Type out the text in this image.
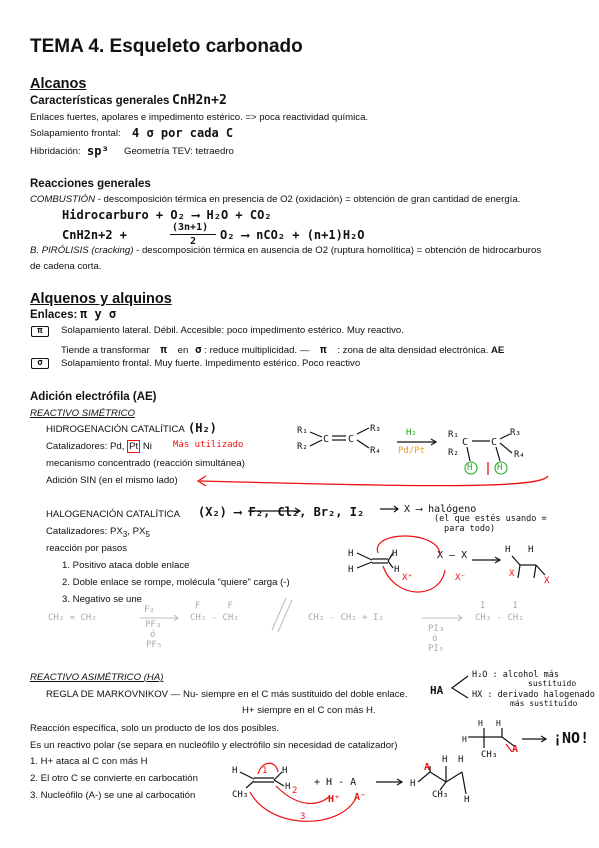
TEMA 4. Esqueleto carbonado
Alcanos
Características generales CnH2n+2
Enlaces fuertes, apolares e impedimento estérico. => poca reactividad química.
Solapamiento frontal: 4 σ por cada C
Hibridación: sp³ Geometría TEV: tetraedro
Reacciones generales
COMBUSTIÓN - descomposición térmica en presencia de O2 (oxidación) = obtención de gran cantidad de energía.
Hidrocarburo + O₂ ⟶ H₂O + CO₂
CnH2n+2 +
(3n+1)
2 O₂ ⟶ nCO₂ + (n+1)H₂O
B. PIRÓLISIS (cracking) - descomposición térmica en ausencia de O2 (ruptura homolítica) = obtención de hidrocarburos
de cadena corta.
Alquenos y alquinos
Enlaces: π y σ
π	Solapamiento lateral. Débil. Accesible: poco impedimento estérico. Muy reactivo.
Tiende a transformar π en σ : reduce multiplicidad. — π : zona de alta densidad electrónica. AE
σ	Solapamiento frontal. Muy fuerte. Impedimento estérico. Poco reactivo
Adición electrófila (AE)
REACTIVO SIMÉTRICO
HIDROGENACIÓN CATALÍTICA (H₂)
Catalizadores: Pd, Pt Ni Más utilizado
mecanismo concentrado (reacción simultánea)
Adición SIN (en el mismo lado)
R₁
R₂
R₃
R₄
H₂
Pd/Pt
R₁
R₂
R₃
R₄
H	H
HALOGENACIÓN CATALÍTICA (X₂) ⟶ F₂, Cl₂, Br₂, I₂	X ⟶ halógeno
(el que estés usando =
para todo)
Catalizadores: $PX_3$, $PX_5$
reacción por pasos
1. Positivo ataca doble enlace
2. Doble enlace se rompe, molécula “quiere” carga (-)
3. Negativo se une
X — X
CH₂ = CH₂
F₂
PF₃
ó
PF₅
F     F
CH₂ - CH₂	CH₂ - CH₂ + I₂
PI₃
ó
PI₅
I     I
CH₂ - CH₂
REACTIVO ASIMÉTRICO (HA)
REGLA DE MARKOVNIKOV — Nu- siempre en el C más sustituido del doble enlace.
H+ siempre en el C con más H.
HA
H₂O : alcohol más
sustituido
HX : derivado halogenado
más sustituido
Reacción específica, solo un producto de los dos posibles.
Es un reactivo polar (se separa en nucleófilo y electrófilo sin necesidad de catalizador)
1. H+ ataca al C con más H
2. El otro C se convierte en carbocatión
3. Nucleófilo (A-) se une al carbocatión
¡NO!
CH₃ A
CH₃
+ H - A
H⁺ A⁻
1
2
3
CH₃
A
C C	C C
H
H
H
H
H H
X⁺	X⁻	X
X
H H
H
H	H
H
H H
H
H
